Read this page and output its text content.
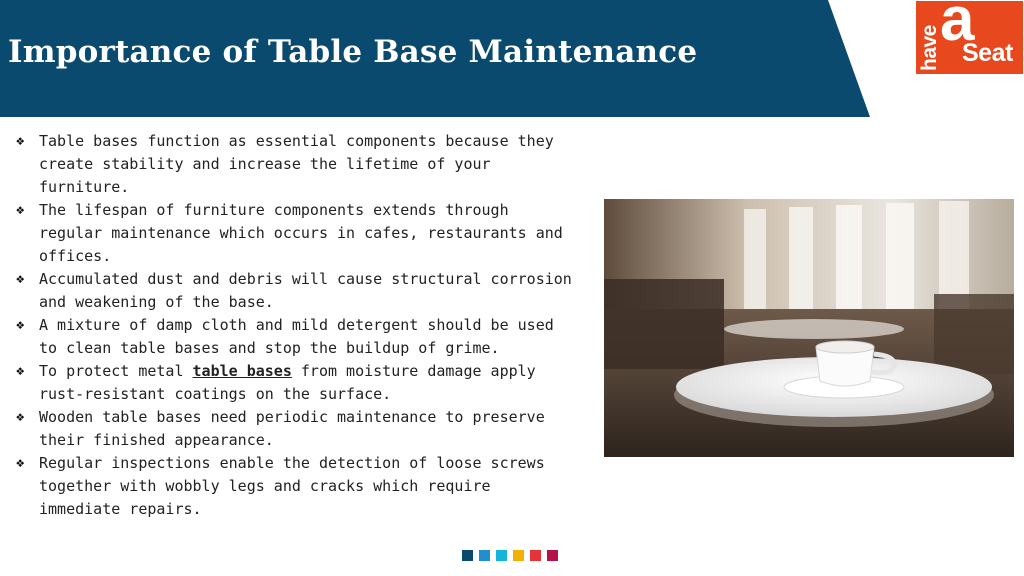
Importance of Table Base Maintenance	have a
Seat
❖ Table bases function as essential components because they create stability and increase the lifetime of your furniture.
❖ The lifespan of furniture components extends through regular maintenance which occurs in cafes, restaurants and offices.
❖ Accumulated dust and debris will cause structural corrosion and weakening of the base.
❖ A mixture of damp cloth and mild detergent should be used to clean table bases and stop the buildup of grime.
❖ To protect metal table bases from moisture damage apply rust-resistant coatings on the surface.
❖ Wooden table bases need periodic maintenance to preserve their finished appearance.
❖ Regular inspections enable the detection of loose screws together with wobbly legs and cracks which require immediate repairs.
